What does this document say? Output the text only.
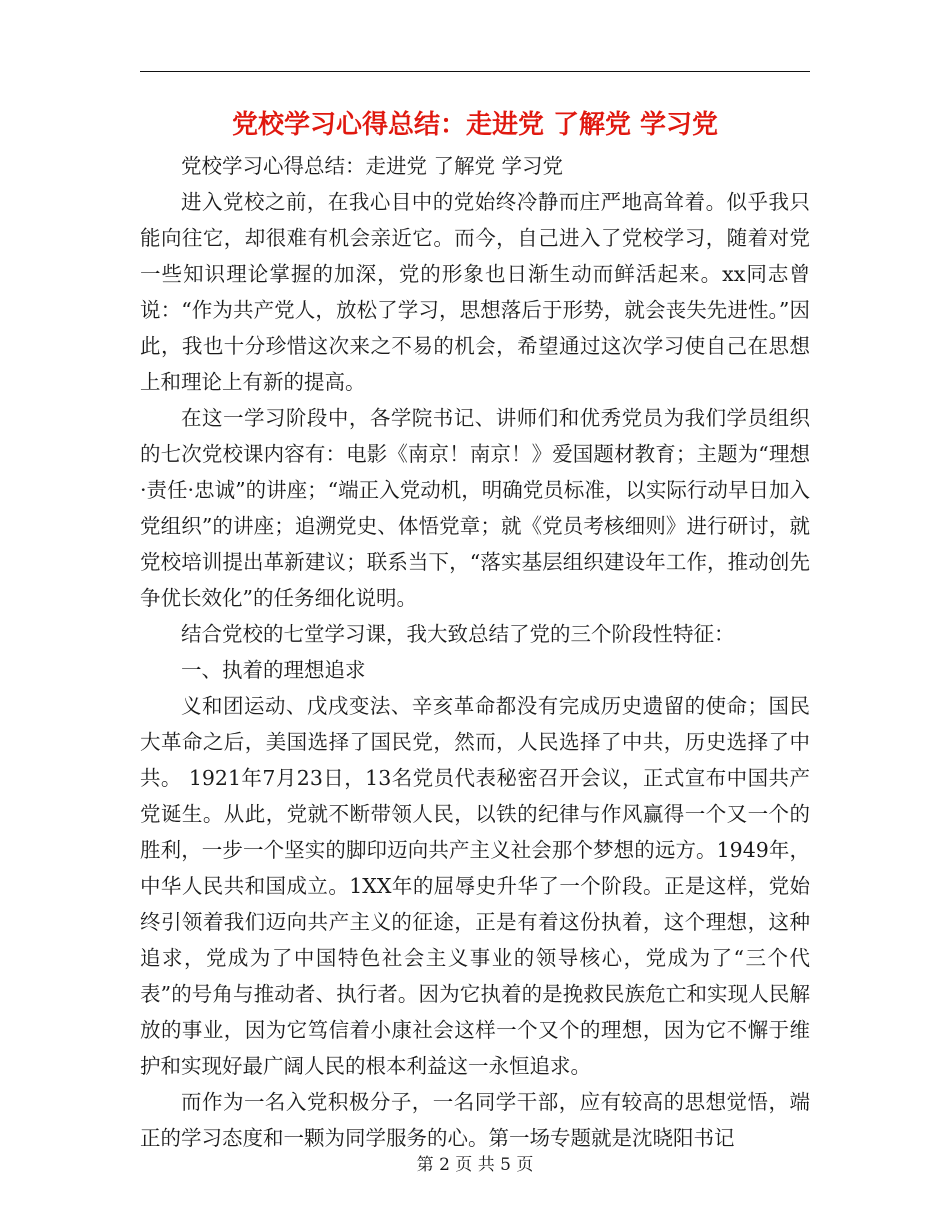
党校学习心得总结：走进党 了解党 学习党

党校学习心得总结：走进党 了解党 学习党

进入党校之前，在我心目中的党始终冷静而庄严地高耸着。似乎我只能向往它，却很难有机会亲近它。而今，自己进入了党校学习，随着对党一些知识理论掌握的加深，党的形象也日渐生动而鲜活起来。xx同志曾说：“作为共产党人，放松了学习，思想落后于形势，就会丧失先进性。”因此，我也十分珍惜这次来之不易的机会，希望通过这次学习使自己在思想上和理论上有新的提高。

在这一学习阶段中，各学院书记、讲师们和优秀党员为我们学员组织的七次党校课内容有：电影《南京！南京！》爱国题材教育；主题为“理想·责任·忠诚”的讲座；“端正入党动机，明确党员标准，以实际行动早日加入党组织”的讲座；追溯党史、体悟党章；就《党员考核细则》进行研讨，就党校培训提出革新建议；联系当下，“落实基层组织建设年工作，推动创先争优长效化”的任务细化说明。

结合党校的七堂学习课，我大致总结了党的三个阶段性特征：

一、执着的理想追求

义和团运动、戊戌变法、辛亥革命都没有完成历史遗留的使命；国民大革命之后，美国选择了国民党，然而，人民选择了中共，历史选择了中共。 1921年7月23日，13名党员代表秘密召开会议，正式宣布中国共产党诞生。从此，党就不断带领人民，以铁的纪律与作风赢得一个又一个的胜利，一步一个坚实的脚印迈向共产主义社会那个梦想的远方。1949年，中华人民共和国成立。1XX年的屈辱史升华了一个阶段。正是这样，党始终引领着我们迈向共产主义的征途，正是有着这份执着，这个理想，这种追求，党成为了中国特色社会主义事业的领导核心，党成为了“三个代表”的号角与推动者、执行者。因为它执着的是挽救民族危亡和实现人民解放的事业，因为它笃信着小康社会这样一个又个的理想，因为它不懈于维护和实现好最广阔人民的根本利益这一永恒追求。

而作为一名入党积极分子，一名同学干部，应有较高的思想觉悟，端正的学习态度和一颗为同学服务的心。第一场专题就是沈晓阳书记

第 2 页 共 5 页
